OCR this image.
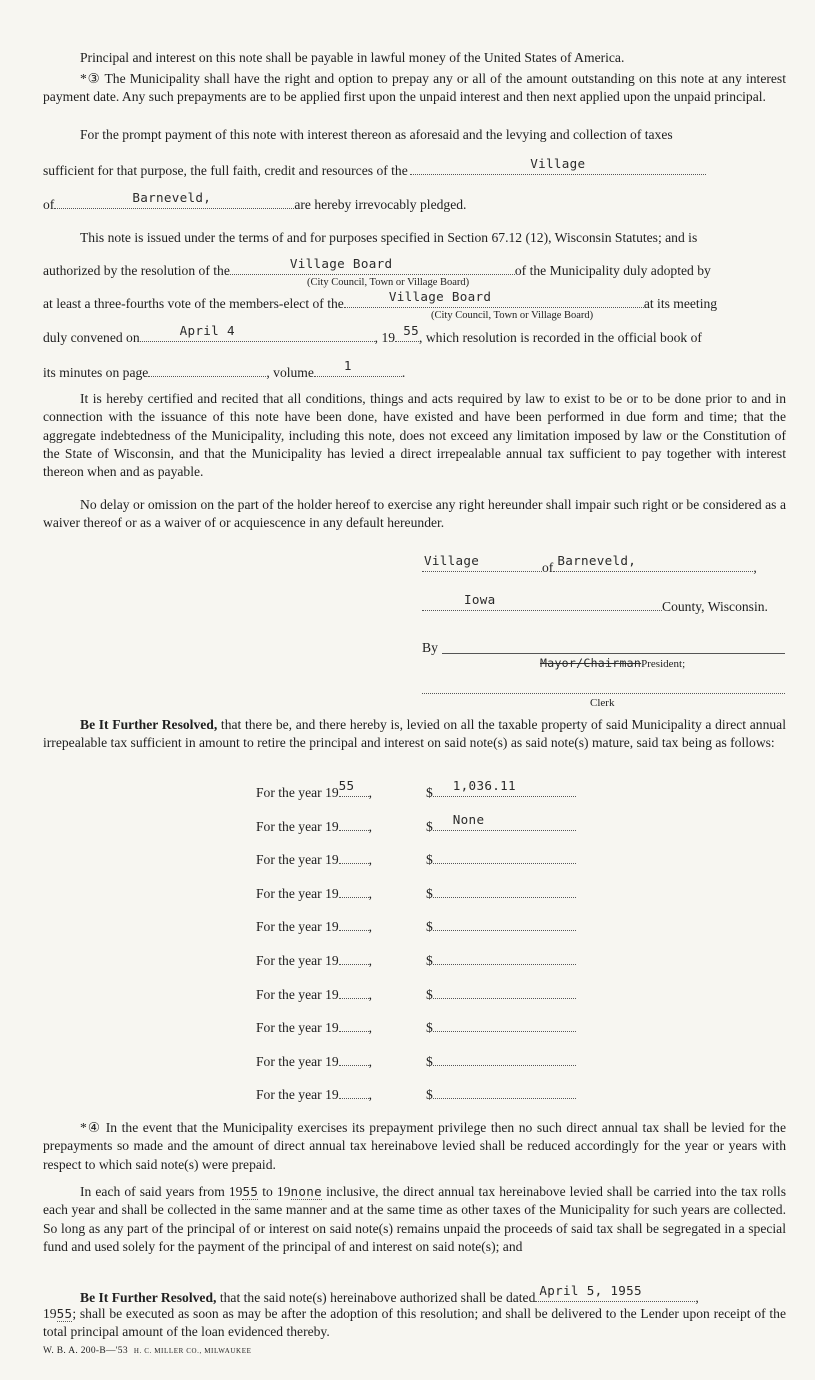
Principal and interest on this note shall be payable in lawful money of the United States of America.
*③ The Municipality shall have the right and option to prepay any or all of the amount outstanding on this note at any interest payment date. Any such prepayments are to be applied first upon the unpaid interest and then next applied upon the unpaid principal.
For the prompt payment of this note with interest thereon as aforesaid and the levying and collection of taxes
sufficient for that purpose, the full faith, credit and resources of the	Village
of	Barneveld,	are hereby irrevocably pledged.
This note is issued under the terms of and for purposes specified in Section 67.12 (12), Wisconsin Statutes; and is
authorized by the resolution of the	Village Board	of the Municipality duly adopted by
(City Council, Town or Village Board)
at least a three-fourths vote of the members-elect of the	Village Board	at its meeting
(City Council, Town or Village Board)
duly convened on	April 4	, 19 55 , which resolution is recorded in the official book of
its minutes on page	, volume	1	.
It is hereby certified and recited that all conditions, things and acts required by law to exist to be or to be done prior to and in connection with the issuance of this note have been done, have existed and have been performed in due form and time; that the aggregate indebtedness of the Municipality, including this note, does not exceed any limitation imposed by law or the Constitution of the State of Wisconsin, and that the Municipality has levied a direct irrepealable annual tax sufficient to pay together with interest thereon when and as payable.
No delay or omission on the part of the holder hereof to exercise any right hereunder shall impair such right or be considered as a waiver thereof or as a waiver of or acquiescence in any default hereunder.
Village	of Barneveld,	,
Iowa	County, Wisconsin.
By
Mayor/ChairmanPresident;
Clerk
Be It Further Resolved, that there be, and there hereby is, levied on all the taxable property of said Municipality a direct annual irrepealable tax sufficient in amount to retire the principal and interest on said note(s) as said note(s) mature, said tax being as follows:
For the year 19 55	,	$	1,036.11
For the year 19 ,	$	None
For the year 19 ,	$
For the year 19 ,	$
For the year 19 ,	$
For the year 19 ,	$
For the year 19 ,	$
For the year 19 ,	$
For the year 19 ,	$
For the year 19 ,	$
*④ In the event that the Municipality exercises its prepayment privilege then no such direct annual tax shall be levied for the prepayments so made and the amount of direct annual tax hereinabove levied shall be reduced accordingly for the year or years with respect to which said note(s) were prepaid.
In each of said years from 1955 to 19none inclusive, the direct annual tax hereinabove levied shall be carried into the tax rolls each year and shall be collected in the same manner and at the same time as other taxes of the Municipality for such years are collected. So long as any part of the principal of or interest on said note(s) remains unpaid the proceeds of said tax shall be segregated in a special fund and used solely for the payment of the principal of and interest on said note(s); and
Be It Further Resolved, that the said note(s) hereinabove authorized shall be dated April 5, 1955	,
1955; shall be executed as soon as may be after the adoption of this resolution; and shall be delivered to the Lender upon receipt of the total principal amount of the loan evidenced thereby.
W. B. A. 200-B—'53 H. C. MILLER CO., MILWAUKEE
